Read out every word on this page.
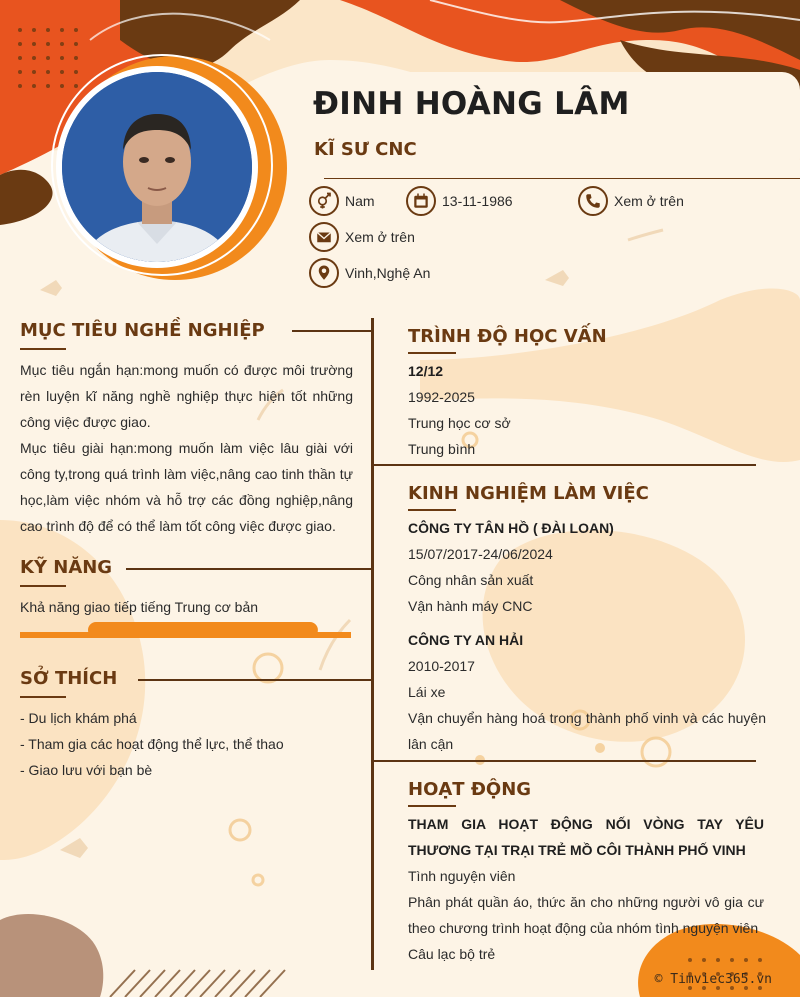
ĐINH HOÀNG LÂM
KĨ SƯ CNC
Nam	13-11-1986	Xem ở trên
Xem ở trên
Vinh,Nghệ An
MỤC TIÊU NGHỀ NGHIỆP
Mục tiêu ngắn hạn:mong muốn có được môi trường rèn luyện kĩ năng nghề nghiệp thực hiện tốt những công việc được giao.
Mục tiêu giài hạn:mong muốn làm việc lâu giài với công ty,trong quá trình làm việc,nâng cao tinh thần tự học,làm việc nhóm và hỗ trợ các đồng nghiệp,nâng cao trình độ để có thể làm tốt công việc được giao.
KỸ NĂNG
Khả năng giao tiếp tiếng Trung cơ bản
SỞ THÍCH
- Du lịch khám phá
- Tham gia các hoạt động thể lực, thể thao
- Giao lưu với bạn bè
TRÌNH ĐỘ HỌC VẤN
12/12
1992-2025
Trung học cơ sở
Trung bình
KINH NGHIỆM LÀM VIỆC
CÔNG TY TÂN HỒ ( ĐÀI LOAN)
15/07/2017-24/06/2024
Công nhân sản xuất
Vận hành máy CNC
CÔNG TY AN HẢI
2010-2017
Lái xe
Vận chuyển hàng hoá trong thành phố vinh và các huyện lân cận
HOẠT ĐỘNG
THAM GIA HOẠT ĐỘNG NỐI VÒNG TAY YÊU THƯƠNG TẠI TRẠI TRẺ MỒ CÔI THÀNH PHỐ VINH
Tình nguyện viên
Phân phát quần áo, thức ăn cho những người vô gia cư theo chương trình hoạt động của nhóm tình nguyện viên
Câu lạc bộ trẻ
© Timviec365.vn
